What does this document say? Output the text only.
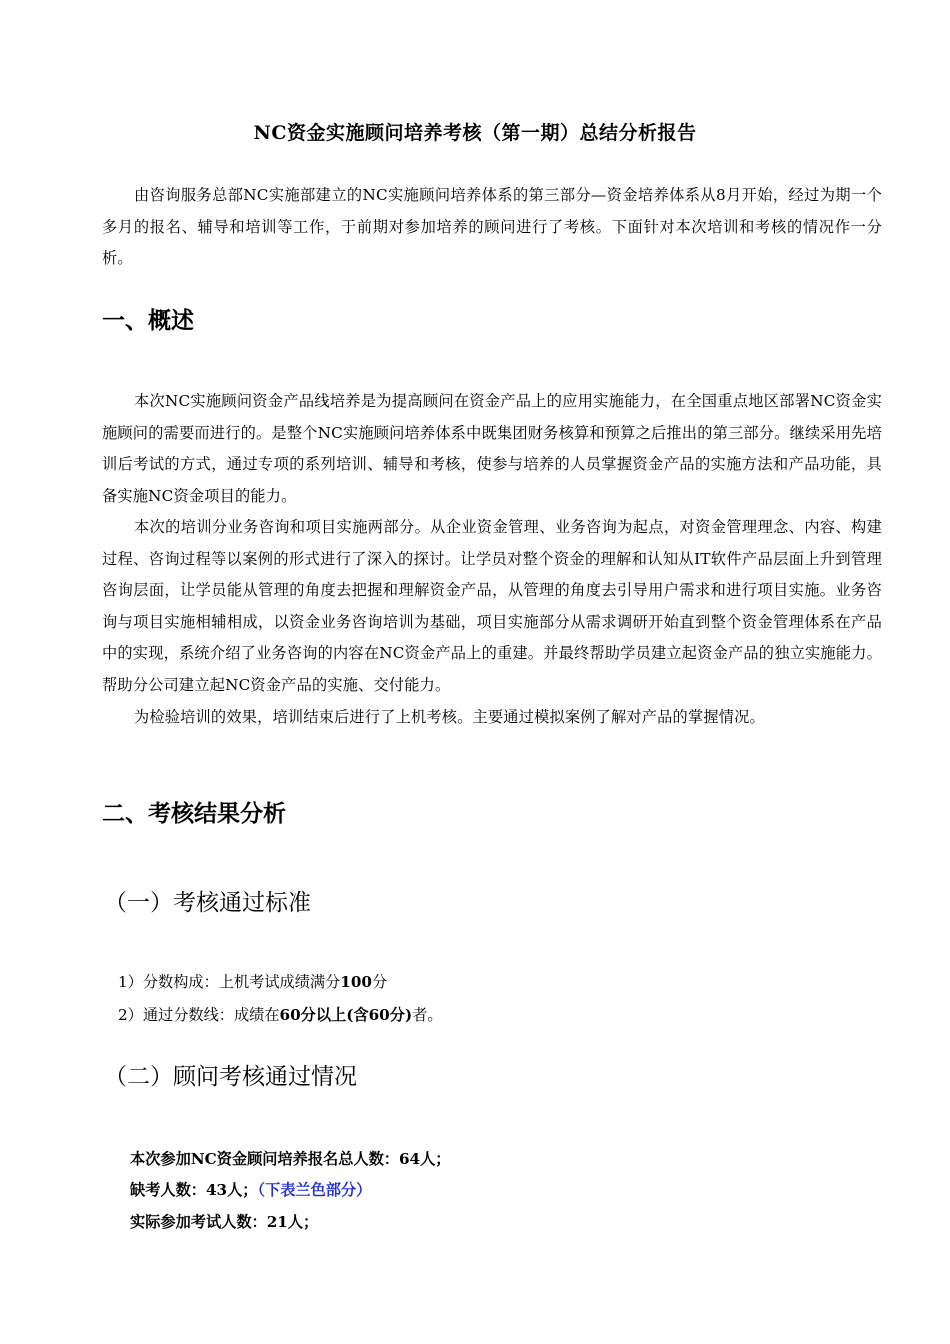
NC资金实施顾问培养考核（第一期）总结分析报告

由咨询服务总部NC实施部建立的NC实施顾问培养体系的第三部分—资金培养体系从8月开始，经过为期一个多月的报名、辅导和培训等工作，于前期对参加培养的顾问进行了考核。下面针对本次培训和考核的情况作一分析。

一、概述

本次NC实施顾问资金产品线培养是为提高顾问在资金产品上的应用实施能力，在全国重点地区部署NC资金实施顾问的需要而进行的。是整个NC实施顾问培养体系中既集团财务核算和预算之后推出的第三部分。继续采用先培训后考试的方式，通过专项的系列培训、辅导和考核，使参与培养的人员掌握资金产品的实施方法和产品功能，具备实施NC资金项目的能力。

本次的培训分业务咨询和项目实施两部分。从企业资金管理、业务咨询为起点，对资金管理理念、内容、构建过程、咨询过程等以案例的形式进行了深入的探讨。让学员对整个资金的理解和认知从IT软件产品层面上升到管理咨询层面，让学员能从管理的角度去把握和理解资金产品，从管理的角度去引导用户需求和进行项目实施。业务咨询与项目实施相辅相成，以资金业务咨询培训为基础，项目实施部分从需求调研开始直到整个资金管理体系在产品中的实现，系统介绍了业务咨询的内容在NC资金产品上的重建。并最终帮助学员建立起资金产品的独立实施能力。帮助分公司建立起NC资金产品的实施、交付能力。

为检验培训的效果，培训结束后进行了上机考核。主要通过模拟案例了解对产品的掌握情况。

二、考核结果分析
（一）考核通过标准

1）分数构成：上机考试成绩满分100分

2）通过分数线：成绩在60分以上(含60分)者。

（二）顾问考核通过情况

本次参加NC资金顾问培养报名总人数：64人；

缺考人数：43人；（下表兰色部分）

实际参加考试人数：21人；
